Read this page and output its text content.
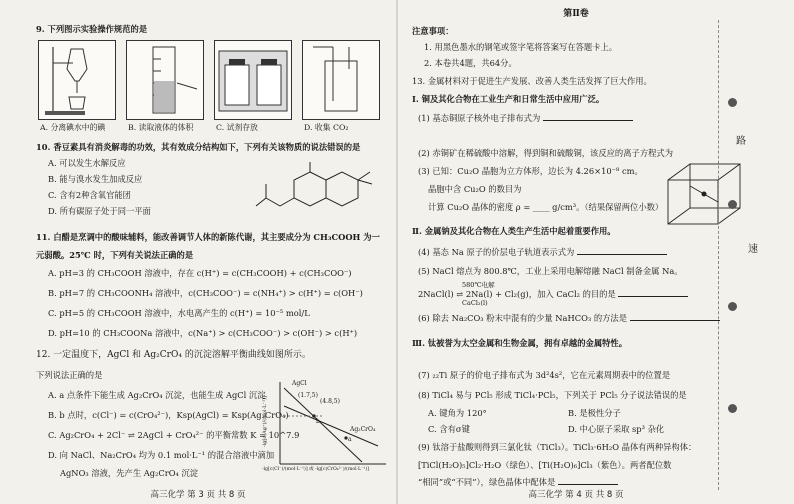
9. 下列图示实验操作规范的是
A. 分离碘水中的碘	B. 读取液体的体积	C. 试剂存放	D. 收集 CO₂
10. 香豆素具有消炎解毒的功效，其有效成分结构如下，下列有关该物质的说法错误的是
A. 可以发生水解反应
B. 能与溴水发生加成反应
C. 含有2种含氧官能团
D. 所有碳原子处于同一平面
11. 白醋是烹调中的酸味辅料，能改善调节人体的新陈代谢，其主要成分为 CH₃COOH 为一
元弱酸。25℃ 时，下列有关说法正确的是
A. pH=3 的 CH₃COOH 溶液中，存在 c(H⁺) = c(CH₃COOH) + c(CH₃COO⁻)
B. pH=7 的 CH₃COONH₄ 溶液中，c(CH₃COO⁻) = c(NH₄⁺) > c(H⁺) = c(OH⁻)
C. pH=5 的 CH₃COOH 溶液中，水电离产生的 c(H⁺) = 10⁻⁵ mol/L
D. pH=10 的 CH₃COONa 溶液中，c(Na⁺) > c(CH₃COO⁻) > c(OH⁻) > c(H⁺)
12. 一定温度下，AgCl 和 Ag₂CrO₄ 的沉淀溶解平衡曲线如图所示。
下列说法正确的是
A. a 点条件下能生成 Ag₂CrO₄ 沉淀，也能生成 AgCl 沉淀
B. b 点时，c(Cl⁻) = c(CrO₄²⁻)，Ksp(AgCl) = Ksp(Ag₂CrO₄)
C. Ag₂CrO₄ + 2Cl⁻ ⇌ 2AgCl + CrO₄²⁻ 的平衡常数 K = 10^7.9
D. 向 NaCl、Na₂CrO₄ 均为 0.1 mol·L⁻¹ 的混合溶液中滴加
AgNO₃ 溶液，先产生 Ag₂CrO₄ 沉淀
AgCl
(1.7,5)
(4.8,5)
Ag₂CrO₄
a
b
-lg[c(Ag⁺)/(mol·L⁻¹)]
-lg[c(Cl⁻)/(mol·L⁻¹)] 或 -lg[c(CrO₄²⁻)/(mol·L⁻¹)]
高三化学 第 3 页 共 8 页
第Ⅱ卷
注意事项：
1. 用黑色墨水的钢笔或签字笔将答案写在答题卡上。
2. 本卷共4题，共64分。
13. 金属材料对于促进生产发展、改善人类生活发挥了巨大作用。
Ⅰ. 铜及其化合物在工业生产和日常生活中应用广泛。
(1) 基态铜原子核外电子排布式为
(2) 赤铜矿在稀硫酸中溶解，得到铜和硫酸铜，该反应的离子方程式为
(3) 已知：Cu₂O 晶胞为立方体形，边长为 4.26×10⁻⁸ cm。
晶胞中含 Cu₂O 的数目为
计算 Cu₂O 晶体的密度 ρ = ____ g/cm³。（结果保留两位小数）
Ⅱ. 金属钠及其化合物在人类生产生活中起着重要作用。
(4) 基态 Na 原子的价层电子轨道表示式为
(5) NaCl 熔点为 800.8℃，工业上采用电解熔融 NaCl 制备金属 Na。
580℃电解
2NaCl(l) ⇌ 2Na(l) + Cl₂(g)，加入 CaCl₂ 的目的是
CaCl₂(l)
(6) 除去 Na₂CO₃ 粉末中混有的少量 NaHCO₃ 的方法是
Ⅲ. 钛被誉为太空金属和生物金属，拥有卓越的金属特性。
(7) ₂₂Ti 原子的价电子排布式为 3d²4s²，它在元素周期表中的位置是
(8) TiCl₄ 易与 PCl₅ 形成 TiCl₄·PCl₅，下列关于 PCl₅ 分子说法错误的是
A. 键角为 120°	B. 是极性分子
C. 含有σ键	D. 中心原子采取 sp³ 杂化
(9) 钛溶于盐酸则得到三氯化钛（TiCl₃）。TiCl₃·6H₂O 晶体有两种异构体：
[TiCl(H₂O)₅]Cl₂·H₂O（绿色）、[Ti(H₂O)₆]Cl₃（紫色）。两者配位数
“相同”或“不同”），绿色晶体中配体是
路
速
高三化学 第 4 页 共 8 页
